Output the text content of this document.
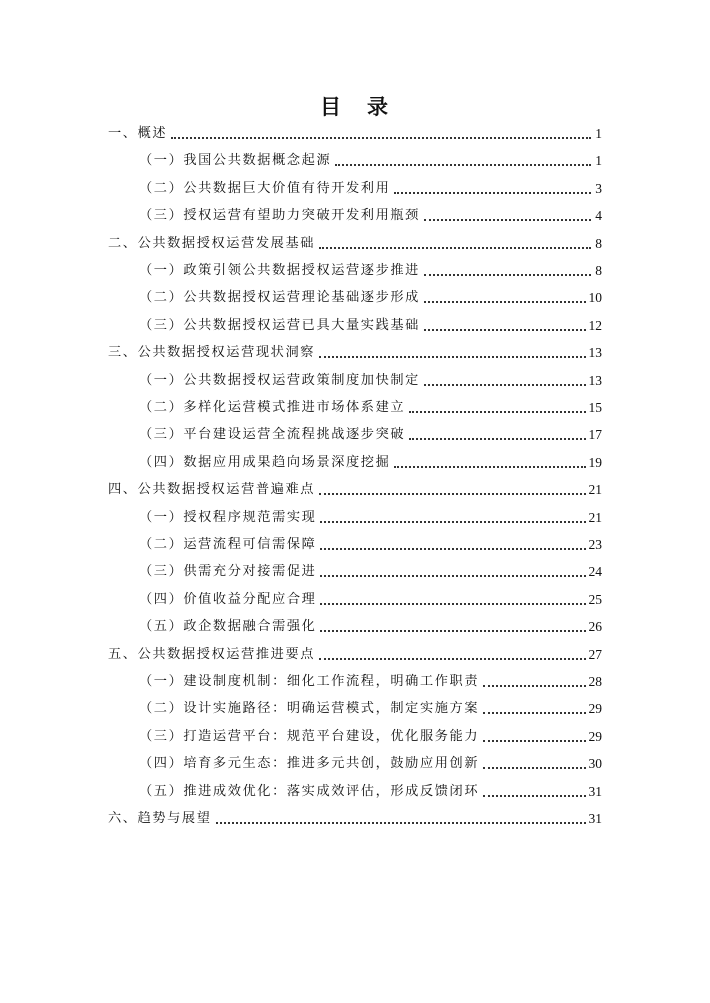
目 录
一、概述	1
（一）我国公共数据概念起源	1
（二）公共数据巨大价值有待开发利用	3
（三）授权运营有望助力突破开发利用瓶颈	4
二、公共数据授权运营发展基础	8
（一）政策引领公共数据授权运营逐步推进	8
（二）公共数据授权运营理论基础逐步形成	10
（三）公共数据授权运营已具大量实践基础	12
三、公共数据授权运营现状洞察	13
（一）公共数据授权运营政策制度加快制定	13
（二）多样化运营模式推进市场体系建立	15
（三）平台建设运营全流程挑战逐步突破	17
（四）数据应用成果趋向场景深度挖掘	19
四、公共数据授权运营普遍难点	21
（一）授权程序规范需实现	21
（二）运营流程可信需保障	23
（三）供需充分对接需促进	24
（四）价值收益分配应合理	25
（五）政企数据融合需强化	26
五、公共数据授权运营推进要点	27
（一）建设制度机制：细化工作流程，明确工作职责	28
（二）设计实施路径：明确运营模式，制定实施方案	29
（三）打造运营平台：规范平台建设，优化服务能力	29
（四）培育多元生态：推进多元共创，鼓励应用创新	30
（五）推进成效优化：落实成效评估，形成反馈闭环	31
六、趋势与展望	31
